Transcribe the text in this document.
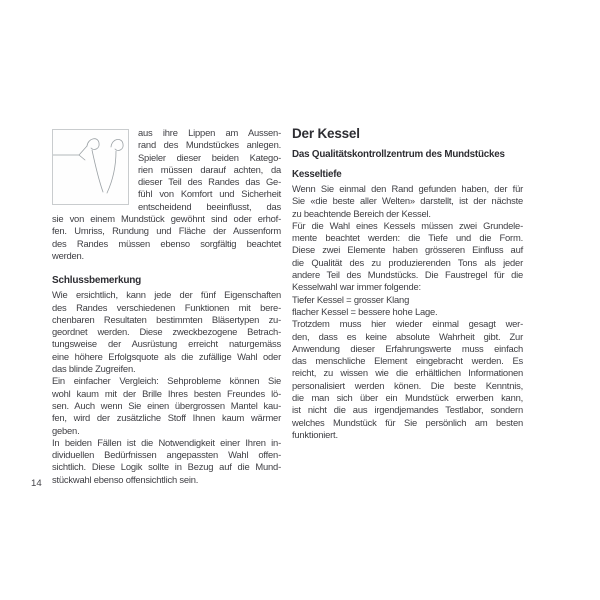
aus ihre Lippen am Aussen-
rand des Mundstückes anlegen.
Spieler dieser beiden Katego-
rien müssen darauf achten, da
dieser Teil des Randes das Ge-
fühl von Komfort und Sicherheit
entscheidend beeinflusst, das
sie von einem Mundstück gewöhnt sind oder erhof-
fen. Umriss, Rundung und Fläche der Aussenform
des Randes müssen ebenso sorgfältig beachtet
werden.
Schlussbemerkung
Wie ersichtlich, kann jede der fünf Eigenschaften
des Randes verschiedenen Funktionen mit bere-
chenbaren Resultaten bestimmten Bläsertypen zu-
geordnet werden. Diese zweckbezogene Betrach-
tungsweise der Ausrüstung erreicht naturgemäss
eine höhere Erfolgsquote als die zufällige Wahl oder
das blinde Zugreifen.
Ein einfacher Vergleich: Sehprobleme können Sie
wohl kaum mit der Brille Ihres besten Freundes lö-
sen. Auch wenn Sie einen übergrossen Mantel kau-
fen, wird der zusätzliche Stoff Ihnen kaum wärmer
geben.
In beiden Fällen ist die Notwendigkeit einer Ihren in-
dividuellen Bedürfnissen angepassten Wahl offen-
sichtlich. Diese Logik sollte in Bezug auf die Mund-
stückwahl ebenso offensichtlich sein.
Der Kessel
Das Qualitätskontrollzentrum des Mundstückes
Kesseltiefe
Wenn Sie einmal den Rand gefunden haben, der für
Sie «die beste aller Welten» darstellt, ist der nächste
zu beachtende Bereich der Kessel.
Für die Wahl eines Kessels müssen zwei Grundele-
mente beachtet werden: die Tiefe und die Form.
Diese zwei Elemente haben grösseren Einfluss auf
die Qualität des zu produzierenden Tons als jeder
andere Teil des Mundstücks. Die Faustregel für die
Kesselwahl war immer folgende:
Tiefer Kessel = grosser Klang
flacher Kessel = bessere hohe Lage.
Trotzdem muss hier wieder einmal gesagt wer-
den, dass es keine absolute Wahrheit gibt. Zur
Anwendung dieser Erfahrungswerte muss einfach
das menschliche Element eingebracht werden. Es
reicht, zu wissen wie die erhältlichen Informationen
personalisiert werden könen. Die beste Kenntnis,
die man sich über ein Mundstück erwerben kann,
ist nicht die aus irgendjemandes Testlabor, sondern
welches Mundstück für Sie persönlich am besten
funktioniert.
14
